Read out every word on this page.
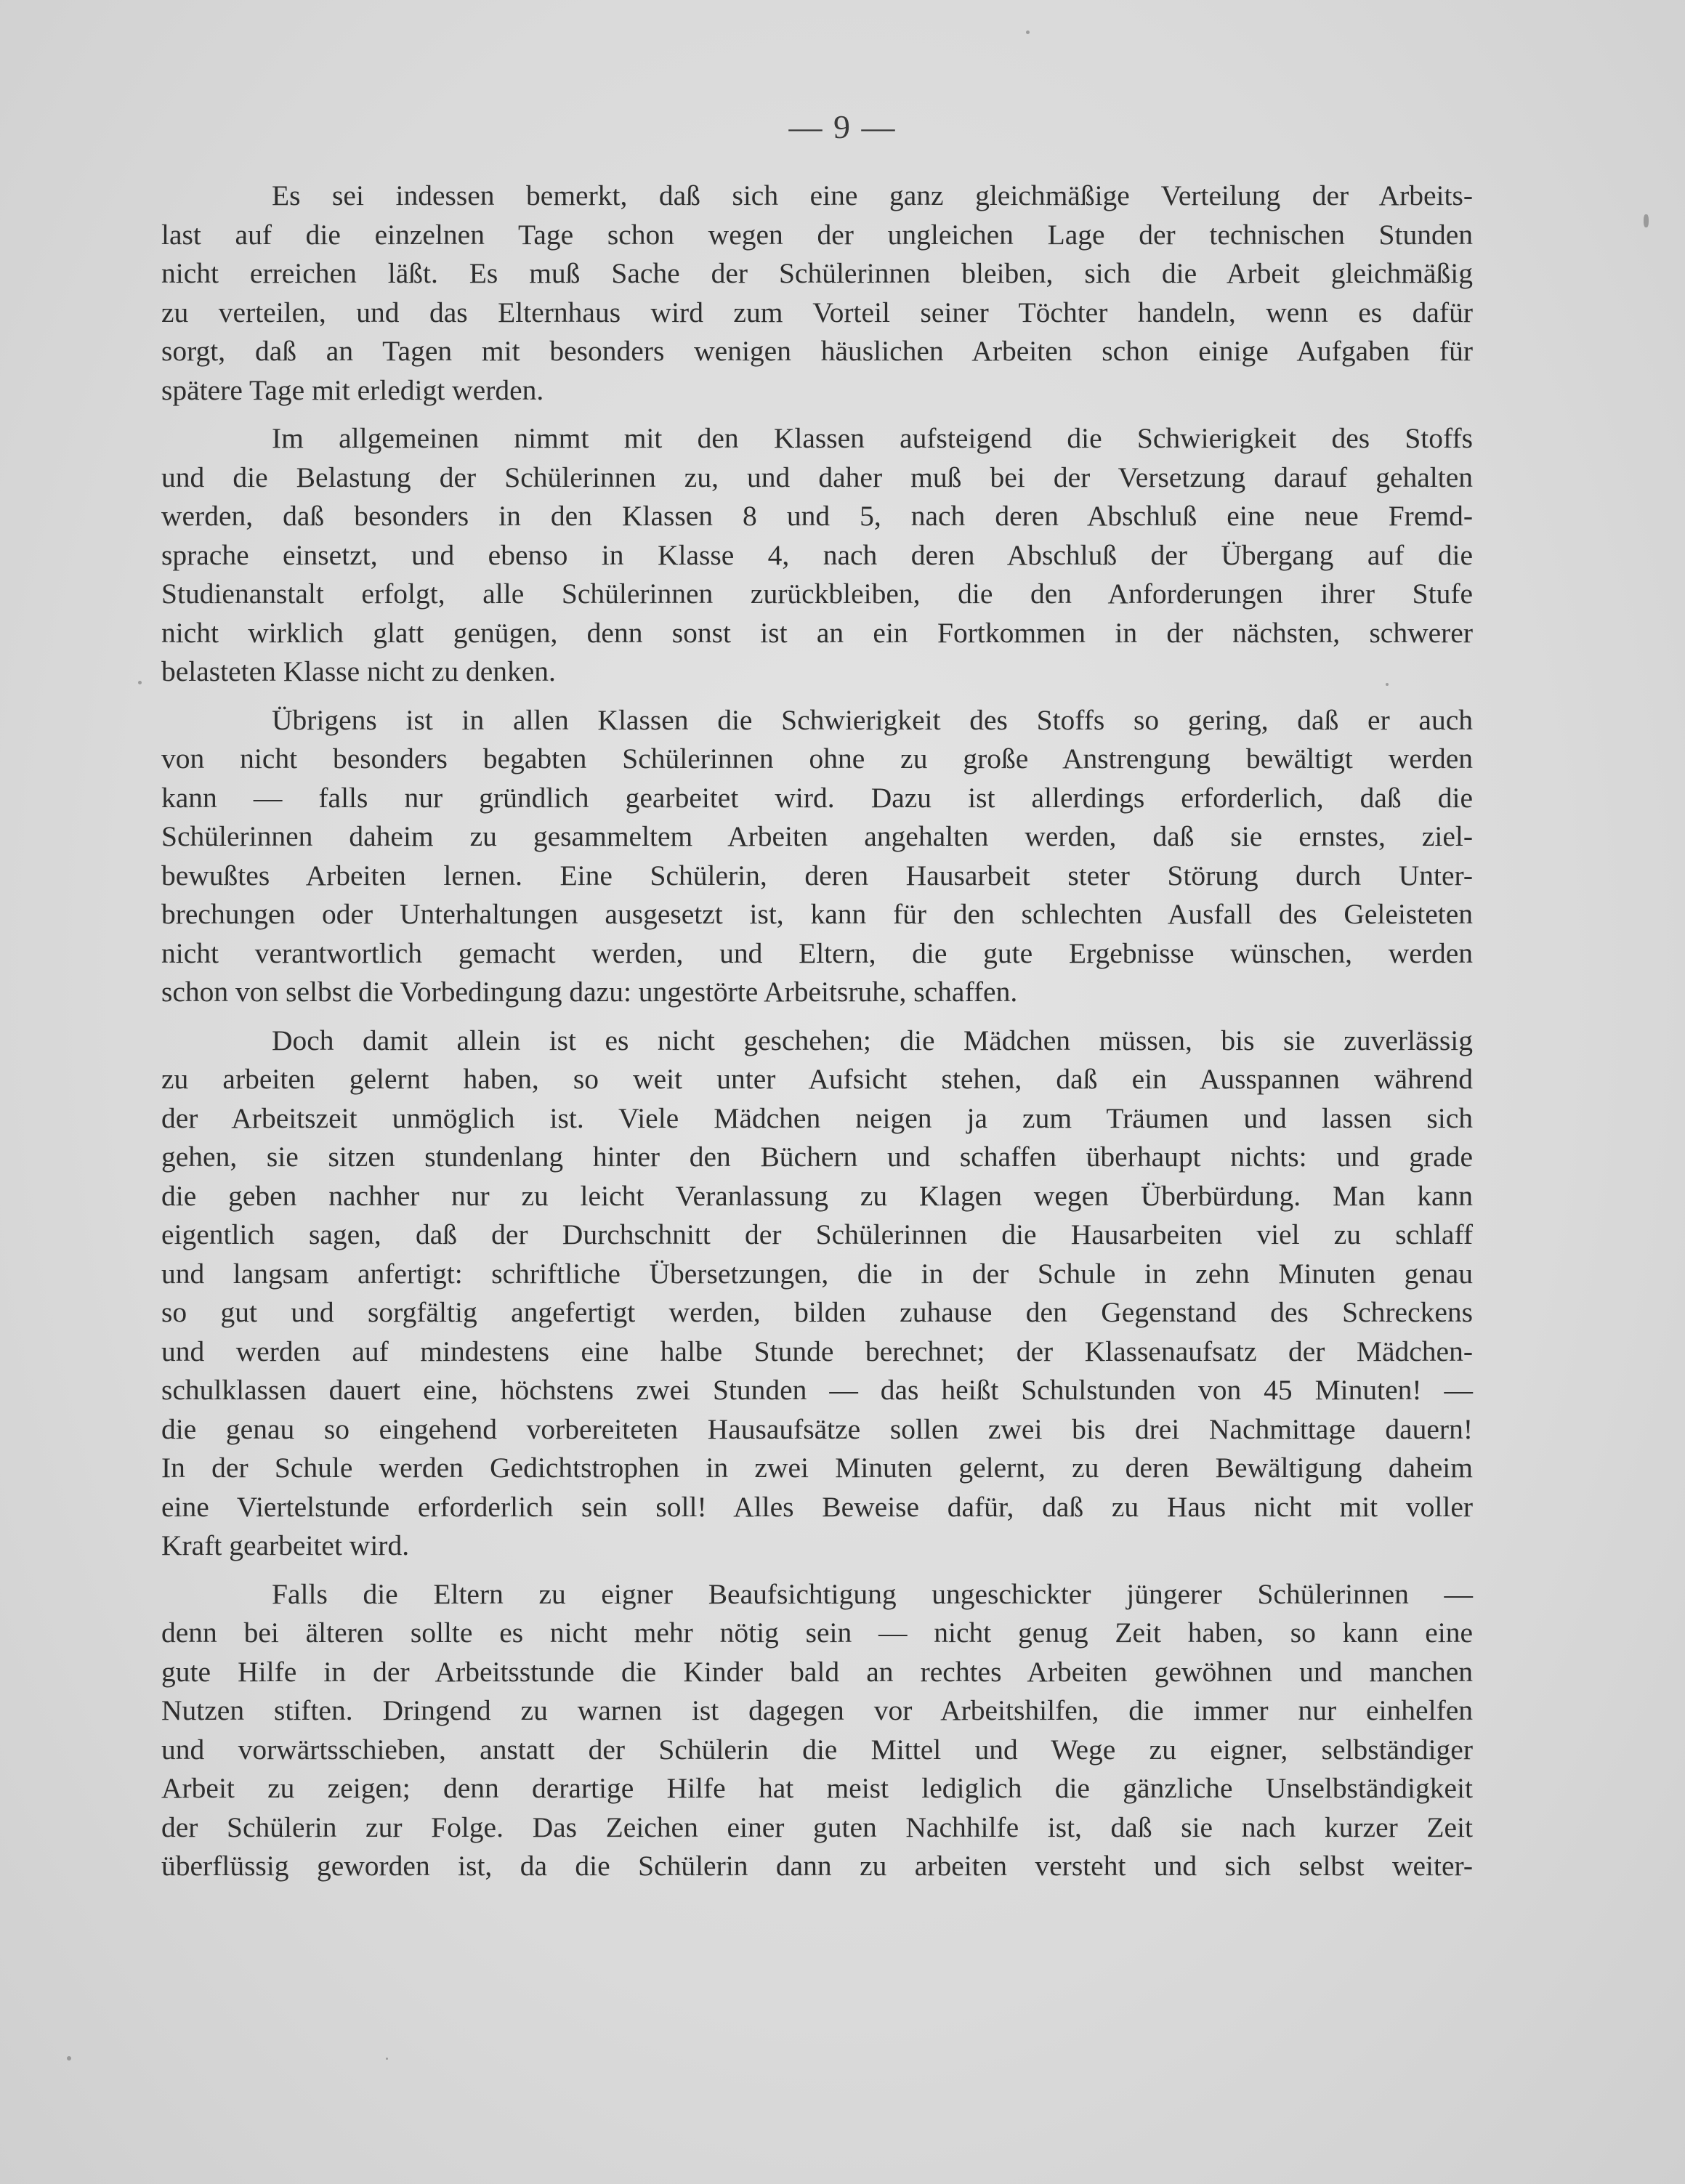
— 9 —
Es sei indessen bemerkt, daß sich eine ganz gleichmäßige Verteilung der Arbeits-
last auf die einzelnen Tage schon wegen der ungleichen Lage der technischen Stunden
nicht erreichen läßt. Es muß Sache der Schülerinnen bleiben, sich die Arbeit gleichmäßig
zu verteilen, und das Elternhaus wird zum Vorteil seiner Töchter handeln, wenn es dafür
sorgt, daß an Tagen mit besonders wenigen häuslichen Arbeiten schon einige Aufgaben für
spätere Tage mit erledigt werden.
Im allgemeinen nimmt mit den Klassen aufsteigend die Schwierigkeit des Stoffs
und die Belastung der Schülerinnen zu, und daher muß bei der Versetzung darauf gehalten
werden, daß besonders in den Klassen 8 und 5, nach deren Abschluß eine neue Fremd-
sprache einsetzt, und ebenso in Klasse 4, nach deren Abschluß der Übergang auf die
Studienanstalt erfolgt, alle Schülerinnen zurückbleiben, die den Anforderungen ihrer Stufe
nicht wirklich glatt genügen, denn sonst ist an ein Fortkommen in der nächsten, schwerer
belasteten Klasse nicht zu denken.
Übrigens ist in allen Klassen die Schwierigkeit des Stoffs so gering, daß er auch
von nicht besonders begabten Schülerinnen ohne zu große Anstrengung bewältigt werden
kann — falls nur gründlich gearbeitet wird. Dazu ist allerdings erforderlich, daß die
Schülerinnen daheim zu gesammeltem Arbeiten angehalten werden, daß sie ernstes, ziel-
bewußtes Arbeiten lernen. Eine Schülerin, deren Hausarbeit steter Störung durch Unter-
brechungen oder Unterhaltungen ausgesetzt ist, kann für den schlechten Ausfall des Geleisteten
nicht verantwortlich gemacht werden, und Eltern, die gute Ergebnisse wünschen, werden
schon von selbst die Vorbedingung dazu: ungestörte Arbeitsruhe, schaffen.
Doch damit allein ist es nicht geschehen; die Mädchen müssen, bis sie zuverlässig
zu arbeiten gelernt haben, so weit unter Aufsicht stehen, daß ein Ausspannen während
der Arbeitszeit unmöglich ist. Viele Mädchen neigen ja zum Träumen und lassen sich
gehen, sie sitzen stundenlang hinter den Büchern und schaffen überhaupt nichts: und grade
die geben nachher nur zu leicht Veranlassung zu Klagen wegen Überbürdung. Man kann
eigentlich sagen, daß der Durchschnitt der Schülerinnen die Hausarbeiten viel zu schlaff
und langsam anfertigt: schriftliche Übersetzungen, die in der Schule in zehn Minuten genau
so gut und sorgfältig angefertigt werden, bilden zuhause den Gegenstand des Schreckens
und werden auf mindestens eine halbe Stunde berechnet; der Klassenaufsatz der Mädchen-
schulklassen dauert eine, höchstens zwei Stunden — das heißt Schulstunden von 45 Minuten! —
die genau so eingehend vorbereiteten Hausaufsätze sollen zwei bis drei Nachmittage dauern!
In der Schule werden Gedichtstrophen in zwei Minuten gelernt, zu deren Bewältigung daheim
eine Viertelstunde erforderlich sein soll! Alles Beweise dafür, daß zu Haus nicht mit voller
Kraft gearbeitet wird.
Falls die Eltern zu eigner Beaufsichtigung ungeschickter jüngerer Schülerinnen —
denn bei älteren sollte es nicht mehr nötig sein — nicht genug Zeit haben, so kann eine
gute Hilfe in der Arbeitsstunde die Kinder bald an rechtes Arbeiten gewöhnen und manchen
Nutzen stiften. Dringend zu warnen ist dagegen vor Arbeitshilfen, die immer nur einhelfen
und vorwärtsschieben, anstatt der Schülerin die Mittel und Wege zu eigner, selbständiger
Arbeit zu zeigen; denn derartige Hilfe hat meist lediglich die gänzliche Unselbständigkeit
der Schülerin zur Folge. Das Zeichen einer guten Nachhilfe ist, daß sie nach kurzer Zeit
überflüssig geworden ist, da die Schülerin dann zu arbeiten versteht und sich selbst weiter-
